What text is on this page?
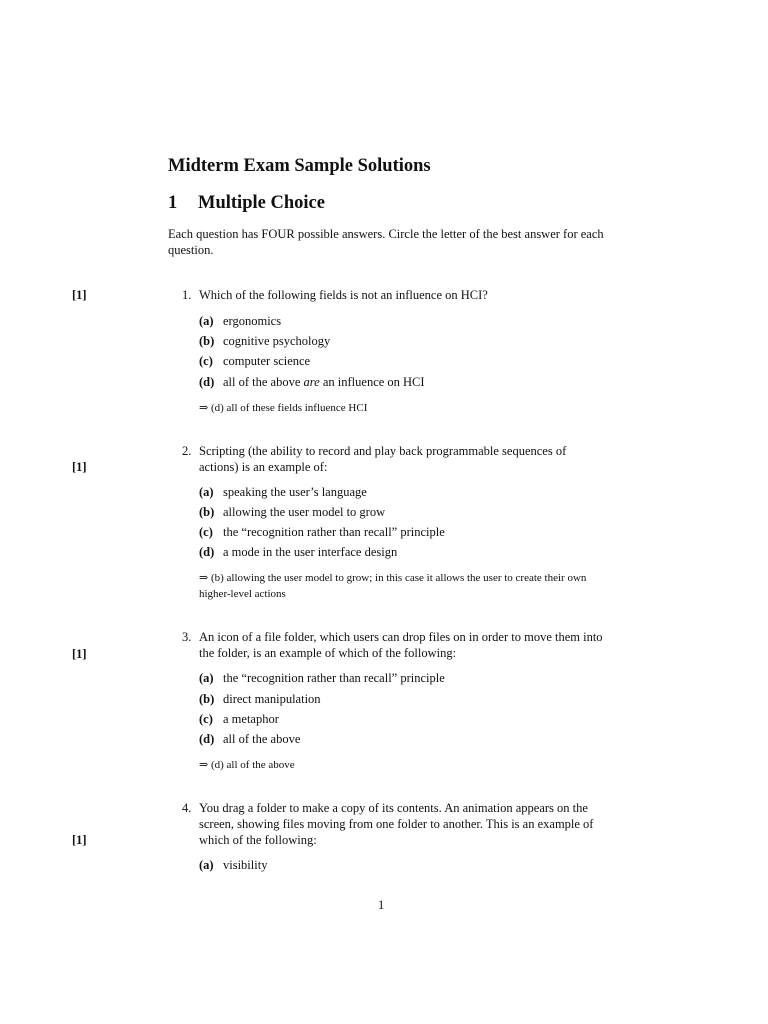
Midterm Exam Sample Solutions
1 Multiple Choice

Each question has FOUR possible answers. Circle the letter of the best answer for each question.

[1]	1. Which of the following fields is not an influence on HCI?
(a) ergonomics
(b) cognitive psychology
(c) computer science
(d) all of the above are an influence on HCI
⇒ (d) all of these fields influence HCI
[1]
2. Scripting (the ability to record and play back programmable sequences of actions) is an example of:
(a) speaking the user’s language
(b) allowing the user model to grow
(c) the “recognition rather than recall” principle
(d) a mode in the user interface design
⇒ (b) allowing the user model to grow; in this case it allows the user to create their own higher-level actions
[1]
3. An icon of a file folder, which users can drop files on in order to move them into the folder, is an example of which of the following:
(a) the “recognition rather than recall” principle
(b) direct manipulation
(c) a metaphor
(d) all of the above
⇒ (d) all of the above
[1]
4. You drag a folder to make a copy of its contents. An animation appears on the screen, showing files moving from one folder to another. This is an example of which of the following:
(a) visibility
1
